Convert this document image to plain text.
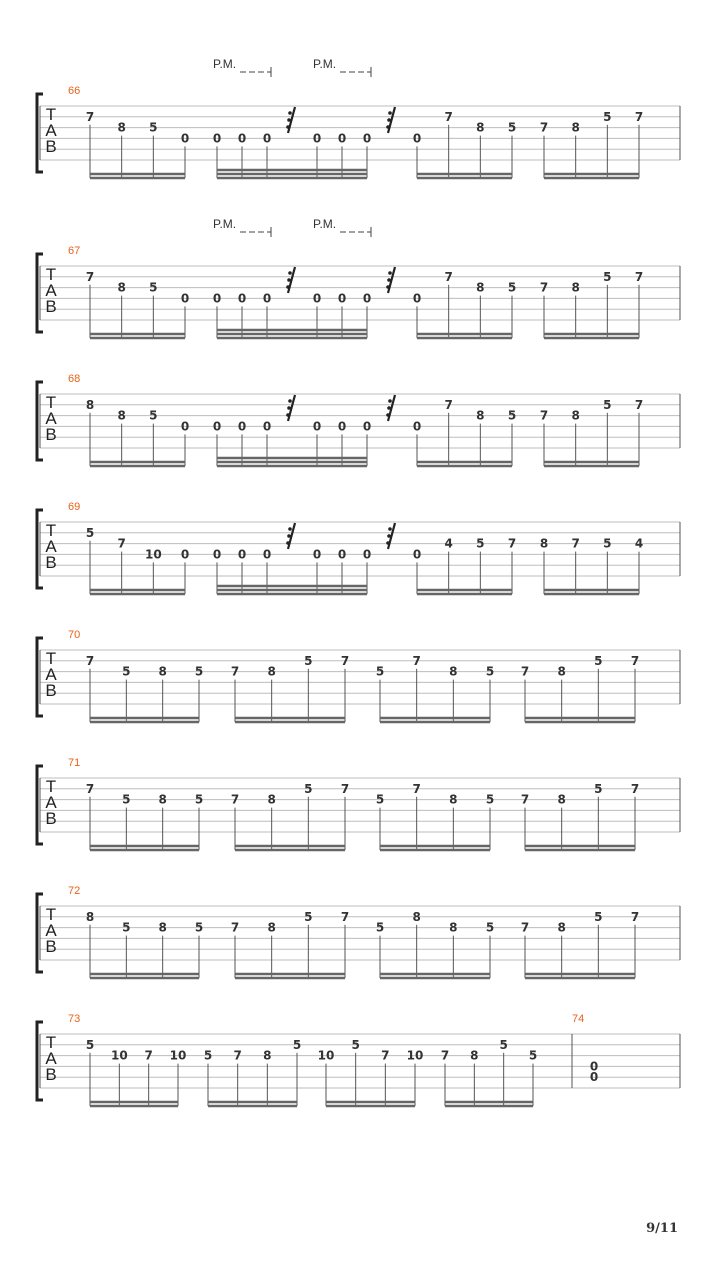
T
A
B
66
P.M.	P.M.
7
8 5
0 0 0 0	0 0 0	0
7
8 5 7 8
5 7
T
A
B
67
P.M.	P.M.
7
8 5
0 0 0 0	0 0 0	0
7
8 5 7 8
5 7
T
A
B
68
8
8 5
0 0 0 0	0 0 0	0
7
8 5 7 8
5 7
T
A
B
69
5
7
10 0 0 0 0	0 0 0	0
4 5 7 8 7 5 4
T
A
B
70
7
5 8 5 7 8
5 7
5
7
8 5 7 8
5 7
T
A
B
71
7
5 8 5 7 8
5 7
5
7
8 5 7 8
5 7
T
A
B
72
8
5 8 5 7 8
5 7
5
8
8 5 7 8
5 7
T
A
B
73
5
10 7 10 5 7 8
5
10
5
7 10 7 8
5
5
74
0
0
9/11
